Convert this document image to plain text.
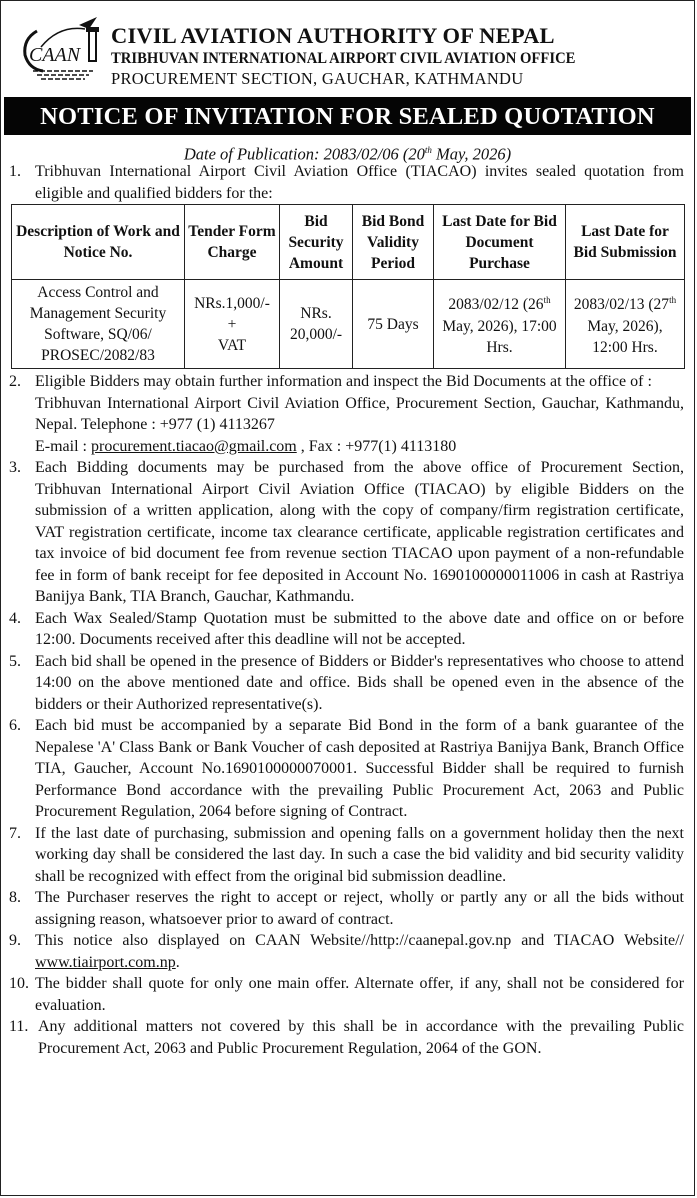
CAAN
CIVIL AVIATION AUTHORITY OF NEPAL
TRIBHUVAN INTERNATIONAL AIRPORT CIVIL AVIATION OFFICE
PROCUREMENT SECTION, GAUCHAR, KATHMANDU
NOTICE OF INVITATION FOR SEALED QUOTATION
Date of Publication: 2083/02/06 (20th May, 2026)
1. Tribhuvan International Airport Civil Aviation Office (TIACAO) invites sealed quotation from eligible and qualified bidders for the:
Description of Work and Notice No.	Tender Form Charge	Bid Security Amount	Bid Bond Validity Period	Last Date for Bid Document Purchase	Last Date for Bid Submission
Access Control and Management Security Software, SQ/06/ PROSEC/2082/83	NRs.1,000/-
+
VAT	NRs. 20,000/-	75 Days	2083/02/12 (26th May, 2026), 17:00 Hrs.	2083/02/13 (27th May, 2026), 12:00 Hrs.
2. Eligible Bidders may obtain further information and inspect the Bid Documents at the office of :
Tribhuvan International Airport Civil Aviation Office, Procurement Section, Gauchar, Kathmandu, Nepal. Telephone : +977 (1) 4113267
E-mail : procurement.tiacao@gmail.com , Fax : +977(1) 4113180
3. Each Bidding documents may be purchased from the above office of Procurement Section, Tribhuvan International Airport Civil Aviation Office (TIACAO) by eligible Bidders on the submission of a written application, along with the copy of company/firm registration certificate, VAT registration certificate, income tax clearance certificate, applicable registration certificates and tax invoice of bid document fee from revenue section TIACAO upon payment of a non-refundable fee in form of bank receipt for fee deposited in Account No. 1690100000011006 in cash at Rastriya Banijya Bank, TIA Branch, Gauchar, Kathmandu.
4. Each Wax Sealed/Stamp Quotation must be submitted to the above date and office on or before 12:00. Documents received after this deadline will not be accepted.
5. Each bid shall be opened in the presence of Bidders or Bidder's representatives who choose to attend 14:00 on the above mentioned date and office. Bids shall be opened even in the absence of the bidders or their Authorized representative(s).
6. Each bid must be accompanied by a separate Bid Bond in the form of a bank guarantee of the Nepalese 'A' Class Bank or Bank Voucher of cash deposited at Rastriya Banijya Bank, Branch Office TIA, Gaucher, Account No.1690100000070001. Successful Bidder shall be required to furnish Performance Bond accordance with the prevailing Public Procurement Act, 2063 and Public Procurement Regulation, 2064 before signing of Contract.
7. If the last date of purchasing, submission and opening falls on a government holiday then the next working day shall be considered the last day. In such a case the bid validity and bid security validity shall be recognized with effect from the original bid submission deadline.
8. The Purchaser reserves the right to accept or reject, wholly or partly any or all the bids without assigning reason, whatsoever prior to award of contract.
9. This notice also displayed on CAAN Website//http://caanepal.gov.np and TIACAO Website// www.tiairport.com.np.
10. The bidder shall quote for only one main offer. Alternate offer, if any, shall not be considered for evaluation.
11. Any additional matters not covered by this shall be in accordance with the prevailing Public Procurement Act, 2063 and Public Procurement Regulation, 2064 of the GON.
